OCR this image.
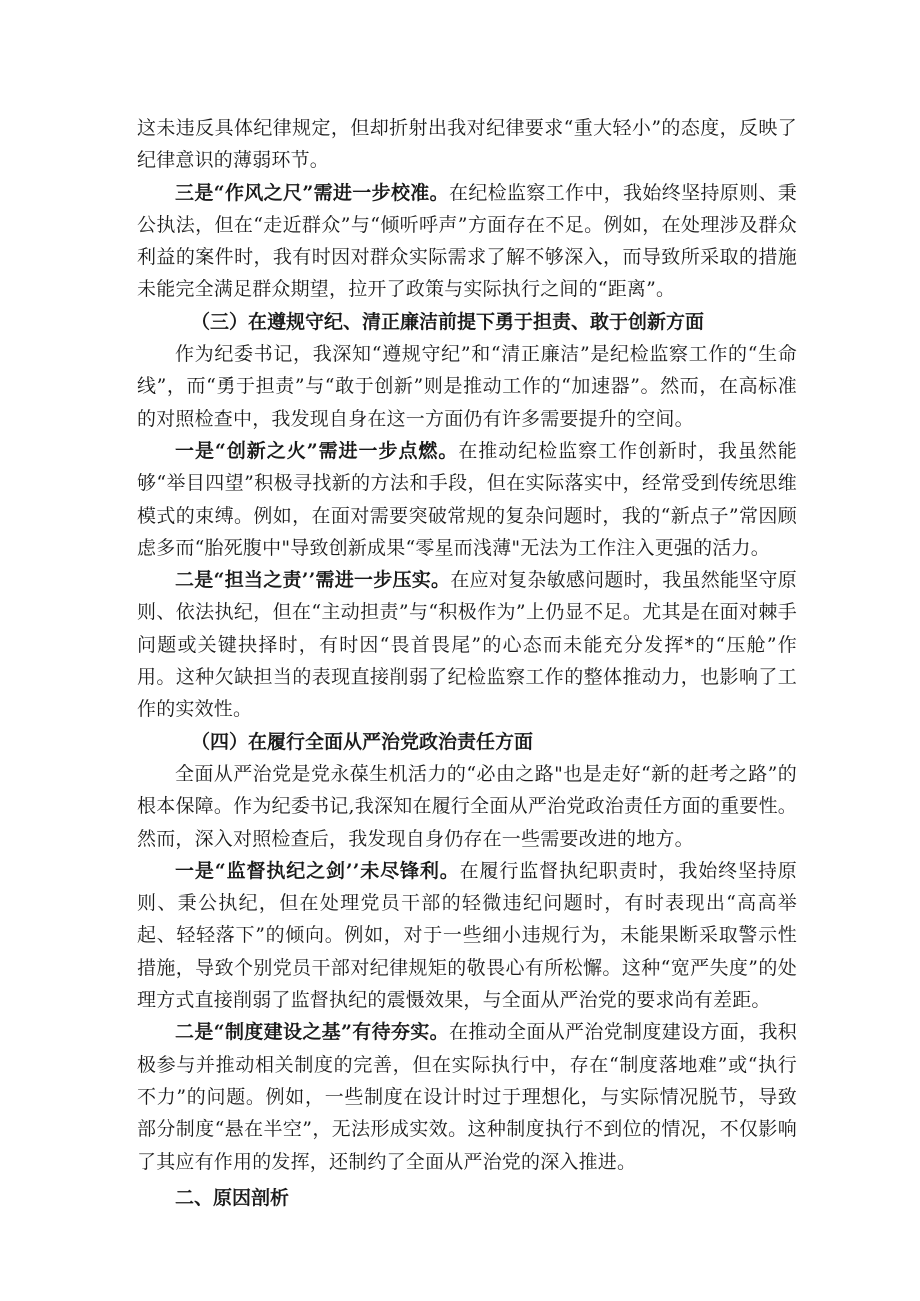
这未违反具体纪律规定，但却折射出我对纪律要求“重大轻小”的态度，反映了纪律意识的薄弱环节。

三是“作风之尺”需进一步校准。在纪检监察工作中，我始终坚持原则、秉公执法，但在“走近群众”与“倾听呼声”方面存在不足。例如，在处理涉及群众利益的案件时，我有时因对群众实际需求了解不够深入，而导致所采取的措施未能完全满足群众期望，拉开了政策与实际执行之间的“距离”。

（三）在遵规守纪、清正廉洁前提下勇于担责、敢于创新方面

作为纪委书记，我深知“遵规守纪”和“清正廉洁”是纪检监察工作的“生命线”，而“勇于担责”与“敢于创新”则是推动工作的“加速器”。然而，在高标准的对照检查中，我发现自身在这一方面仍有许多需要提升的空间。

一是“创新之火”需进一步点燃。在推动纪检监察工作创新时，我虽然能够“举目四望”积极寻找新的方法和手段，但在实际落实中，经常受到传统思维模式的束缚。例如，在面对需要突破常规的复杂问题时，我的“新点子”常因顾虑多而“胎死腹中"导致创新成果“零星而浅薄"无法为工作注入更强的活力。

二是“担当之责’’需进一步压实。在应对复杂敏感问题时，我虽然能坚守原则、依法执纪，但在“主动担责”与“积极作为”上仍显不足。尤其是在面对棘手问题或关键抉择时，有时因“畏首畏尾”的心态而未能充分发挥*的“压舱”作用。这种欠缺担当的表现直接削弱了纪检监察工作的整体推动力，也影响了工作的实效性。

（四）在履行全面从严治党政治责任方面

全面从严治党是党永葆生机活力的“必由之路"也是走好“新的赶考之路”的根本保障。作为纪委书记,我深知在履行全面从严治党政治责任方面的重要性。然而，深入对照检查后，我发现自身仍存在一些需要改进的地方。

一是“监督执纪之剑’’未尽锋利。在履行监督执纪职责时，我始终坚持原则、秉公执纪，但在处理党员干部的轻微违纪问题时，有时表现出“高高举起、轻轻落下”的倾向。例如，对于一些细小违规行为，未能果断采取警示性措施，导致个别党员干部对纪律规矩的敬畏心有所松懈。这种“宽严失度”的处理方式直接削弱了监督执纪的震慑效果，与全面从严治党的要求尚有差距。

二是“制度建设之基”有待夯实。在推动全面从严治党制度建设方面，我积极参与并推动相关制度的完善，但在实际执行中，存在“制度落地难”或“执行不力”的问题。例如，一些制度在设计时过于理想化，与实际情况脱节，导致部分制度“悬在半空”，无法形成实效。这种制度执行不到位的情况，不仅影响了其应有作用的发挥，还制约了全面从严治党的深入推进。

二、原因剖析
